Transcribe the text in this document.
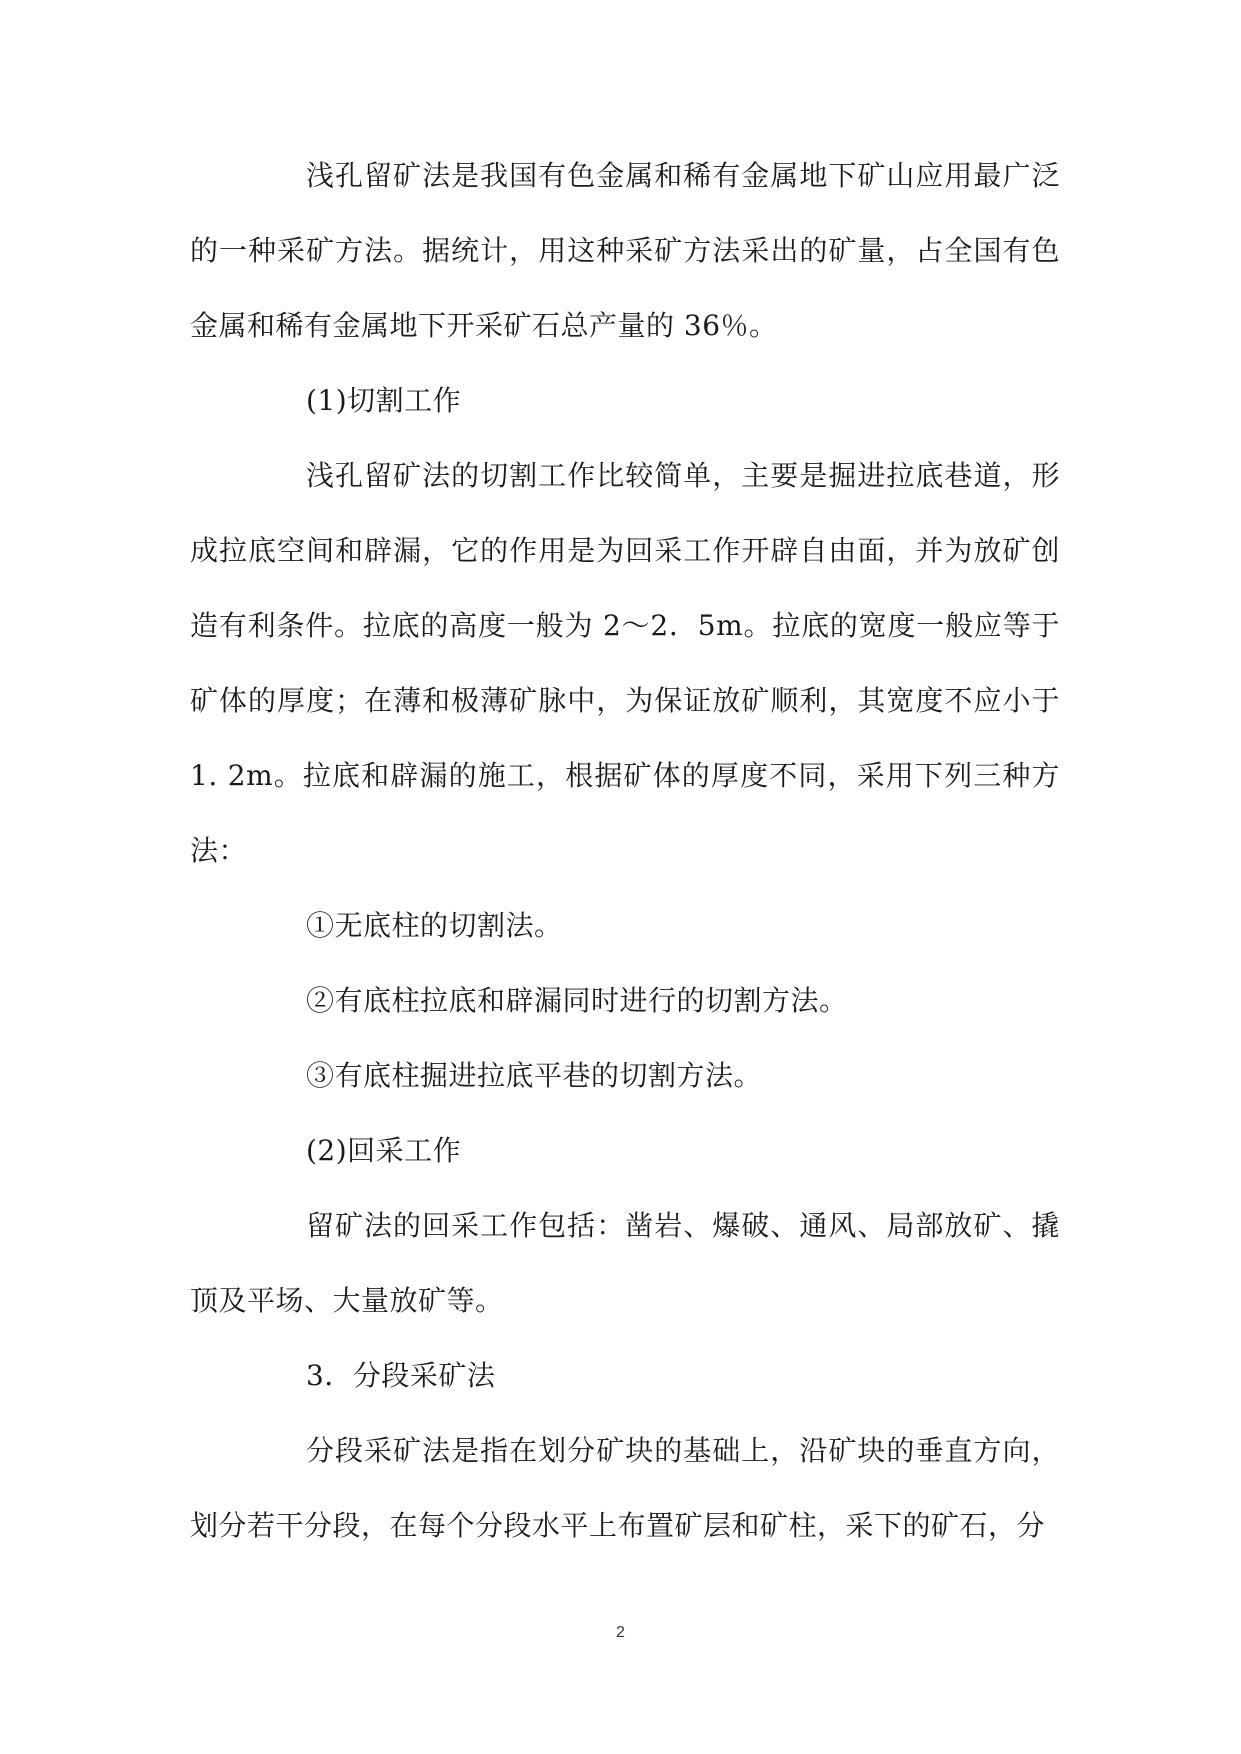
浅孔留矿法是我国有色金属和稀有金属地下矿山应用最广泛的一种采矿方法。据统计，用这种采矿方法采出的矿量，占全国有色金属和稀有金属地下开采矿石总产量的 36％。

(1)切割工作

浅孔留矿法的切割工作比较简单，主要是掘进拉底巷道，形成拉底空间和辟漏，它的作用是为回采工作开辟自由面，并为放矿创造有利条件。拉底的高度一般为 2～2．5m。拉底的宽度一般应等于矿体的厚度；在薄和极薄矿脉中，为保证放矿顺利，其宽度不应小于 1. 2m。拉底和辟漏的施工，根据矿体的厚度不同，采用下列三种方法：

①无底柱的切割法。

②有底柱拉底和辟漏同时进行的切割方法。

③有底柱掘进拉底平巷的切割方法。

(2)回采工作

留矿法的回采工作包括：凿岩、爆破、通风、局部放矿、撬顶及平场、大量放矿等。

3．分段采矿法

分段采矿法是指在划分矿块的基础上，沿矿块的垂直方向，划分若干分段，在每个分段水平上布置矿层和矿柱，采下的矿石，分

2
